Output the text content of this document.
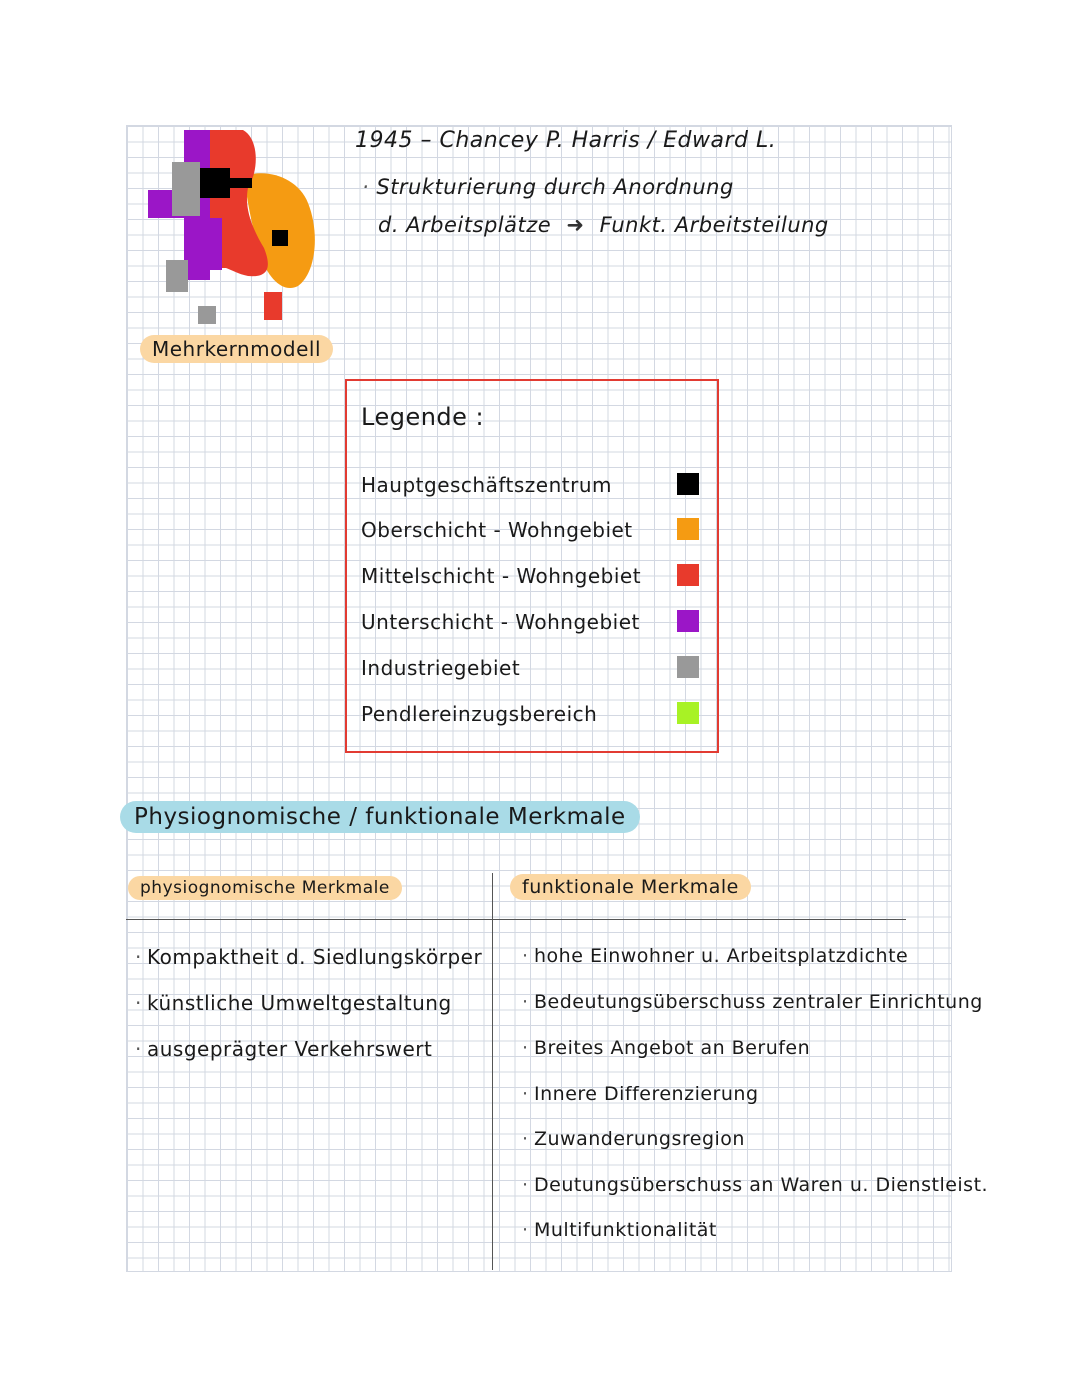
Mehrkernmodell
1945 – Chancey P. Harris / Edward L.
· Strukturierung durch Anordnung
d. Arbeitsplätze ➜ Funkt. Arbeitsteilung
Legende :
Hauptgeschäftszentrum
Oberschicht - Wohngebiet
Mittelschicht - Wohngebiet
Unterschicht - Wohngebiet
Industriegebiet
Pendlereinzugsbereich
Physiognomische / funktionale Merkmale
physiognomische Merkmale	funktionale Merkmale
· Kompaktheit d. Siedlungskörper
· künstliche Umweltgestaltung
· ausgeprägter Verkehrswert
· hohe Einwohner u. Arbeitsplatzdichte
· Bedeutungsüberschuss zentraler Einrichtung
· Breites Angebot an Berufen
· Innere Differenzierung
· Zuwanderungsregion
· Deutungsüberschuss an Waren u. Dienstleist.
· Multifunktionalität
